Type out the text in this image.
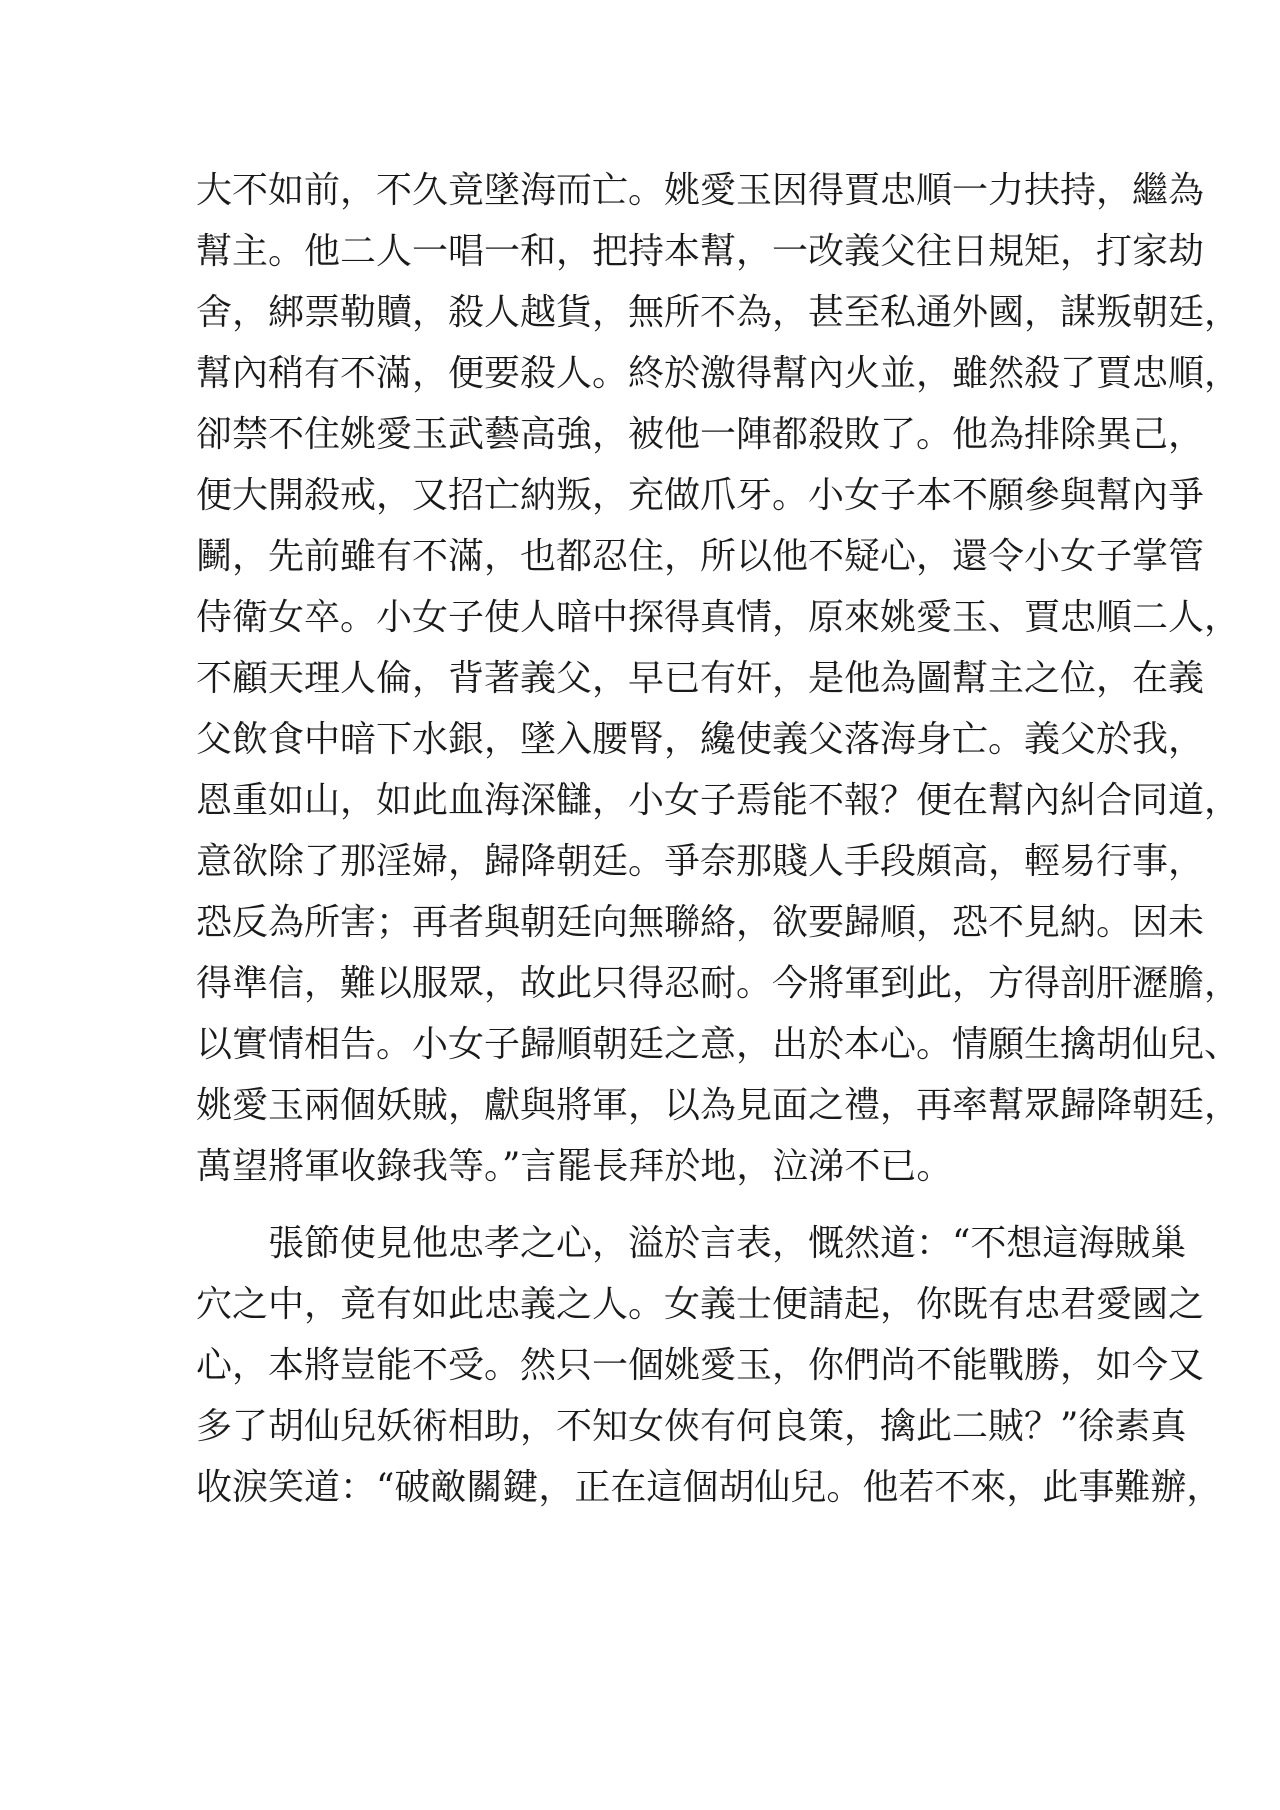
大不如前，不久竟墜海而亡。姚愛玉因得賈忠順一力扶持，繼為
幫主。他二人一唱一和，把持本幫，一改義父往日規矩，打家劫
舍，綁票勒贖，殺人越貨，無所不為，甚至私通外國，謀叛朝廷，
幫內稍有不滿，便要殺人。終於激得幫內火並，雖然殺了賈忠順，
卻禁不住姚愛玉武藝高強，被他一陣都殺敗了。他為排除異己，
便大開殺戒，又招亡納叛，充做爪牙。小女子本不願參與幫內爭
鬭，先前雖有不滿，也都忍住，所以他不疑心，還令小女子掌管
侍衛女卒。小女子使人暗中探得真情，原來姚愛玉、賈忠順二人，
不顧天理人倫，背著義父，早已有奸，是他為圖幫主之位，在義
父飲食中暗下水銀，墜入腰腎，纔使義父落海身亡。義父於我，
恩重如山，如此血海深讎，小女子焉能不報？便在幫內糾合同道，
意欲除了那淫婦，歸降朝廷。爭奈那賤人手段頗高，輕易行事，
恐反為所害；再者與朝廷向無聯絡，欲要歸順，恐不見納。因未
得準信，難以服眾，故此只得忍耐。今將軍到此，方得剖肝瀝膽，
以實情相告。小女子歸順朝廷之意，出於本心。情願生擒胡仙兒、
姚愛玉兩個妖賊，獻與將軍，以為見面之禮，再率幫眾歸降朝廷，
萬望將軍收錄我等。”言罷長拜於地，泣涕不已。
張節使見他忠孝之心，溢於言表，慨然道：“不想這海賊巢
穴之中，竟有如此忠義之人。女義士便請起，你既有忠君愛國之
心，本將豈能不受。然只一個姚愛玉，你們尚不能戰勝，如今又
多了胡仙兒妖術相助，不知女俠有何良策，擒此二賊？”徐素真
收淚笑道：“破敵關鍵，正在這個胡仙兒。他若不來，此事難辦，
